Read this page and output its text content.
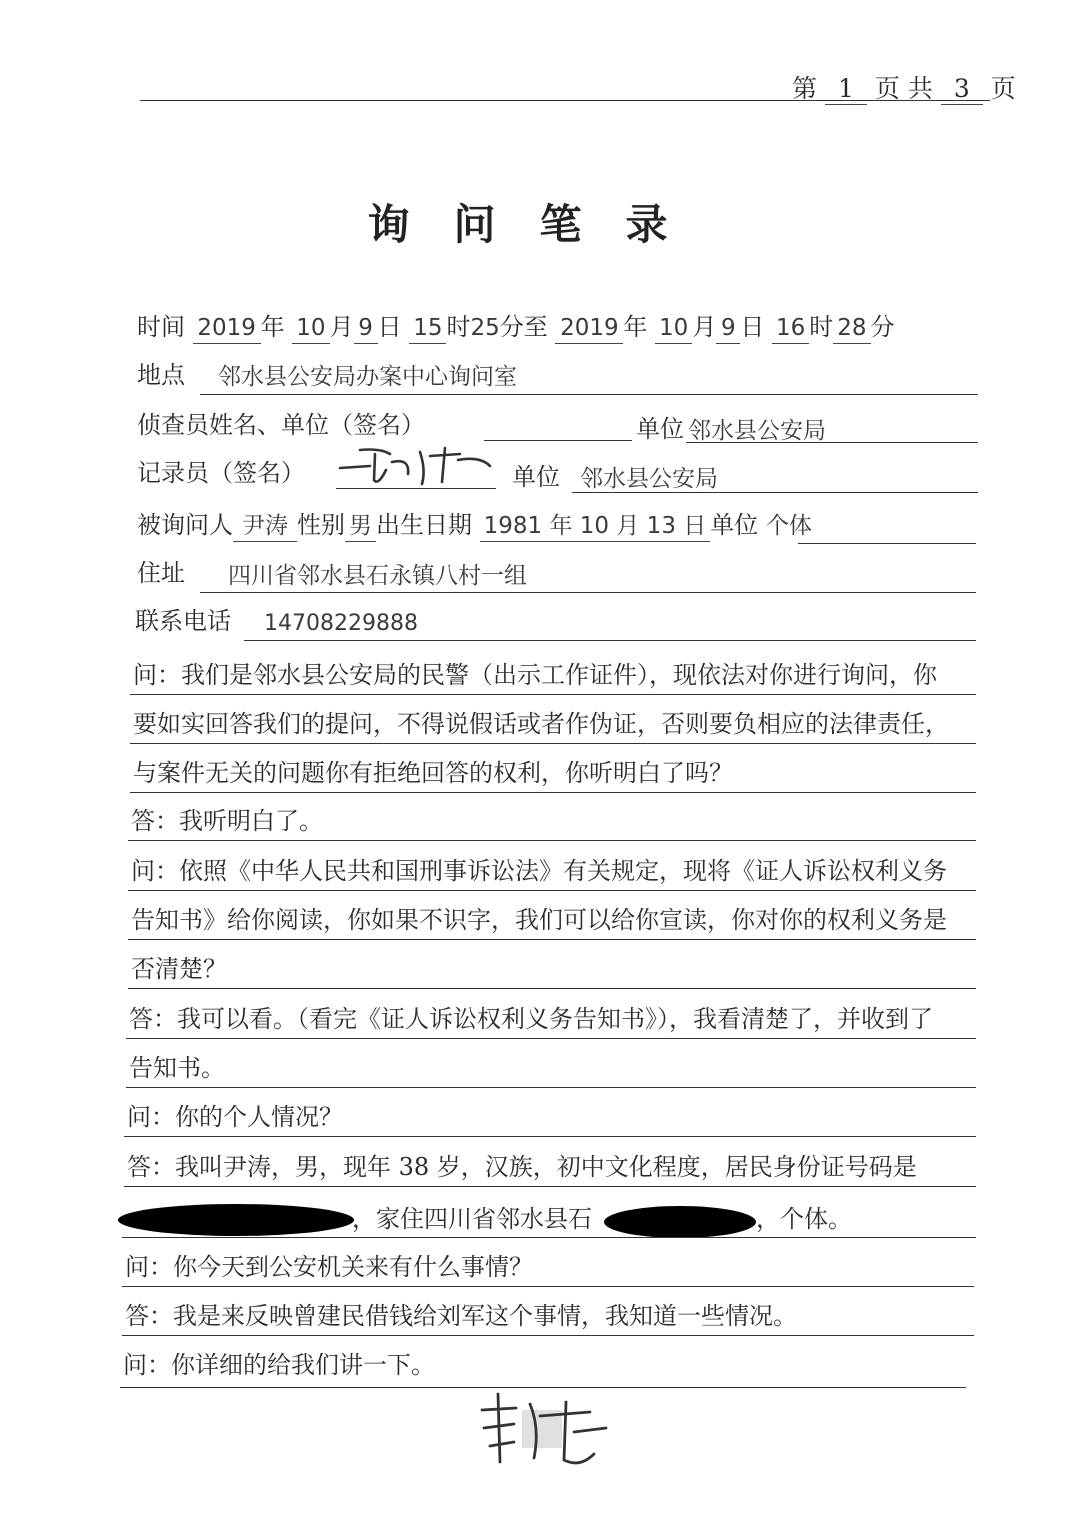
第 1 页 共 3 页
询问笔录
时间 2019 年 10 月 9 日 15 时25分至 2019 年 10 月 9 日 16 时 28 分
地点 邻水县公安局办案中心询问室
侦查员姓名、单位（签名）	单位 邻水县公安局
记录员（签名）	单位 邻水县公安局
被询问人 尹涛 性别 男 出生日期 1981 年 10 月 13 日 单位 个体
住址 四川省邻水县石永镇八村一组
联系电话 14708229888
问：我们是邻水县公安局的民警（出示工作证件），现依法对你进行询问，你
要如实回答我们的提问，不得说假话或者作伪证，否则要负相应的法律责任，
与案件无关的问题你有拒绝回答的权利，你听明白了吗？
答：我听明白了。
问：依照《中华人民共和国刑事诉讼法》有关规定，现将《证人诉讼权利义务
告知书》给你阅读，你如果不识字，我们可以给你宣读，你对你的权利义务是
否清楚？
答：我可以看。（看完《证人诉讼权利义务告知书》），我看清楚了，并收到了
告知书。
问：你的个人情况？
答：我叫尹涛，男，现年 38 岁，汉族，初中文化程度，居民身份证号码是
，家住四川省邻水县石	，个体。
问：你今天到公安机关来有什么事情？
答：我是来反映曾建民借钱给刘军这个事情，我知道一些情况。
问：你详细的给我们讲一下。
